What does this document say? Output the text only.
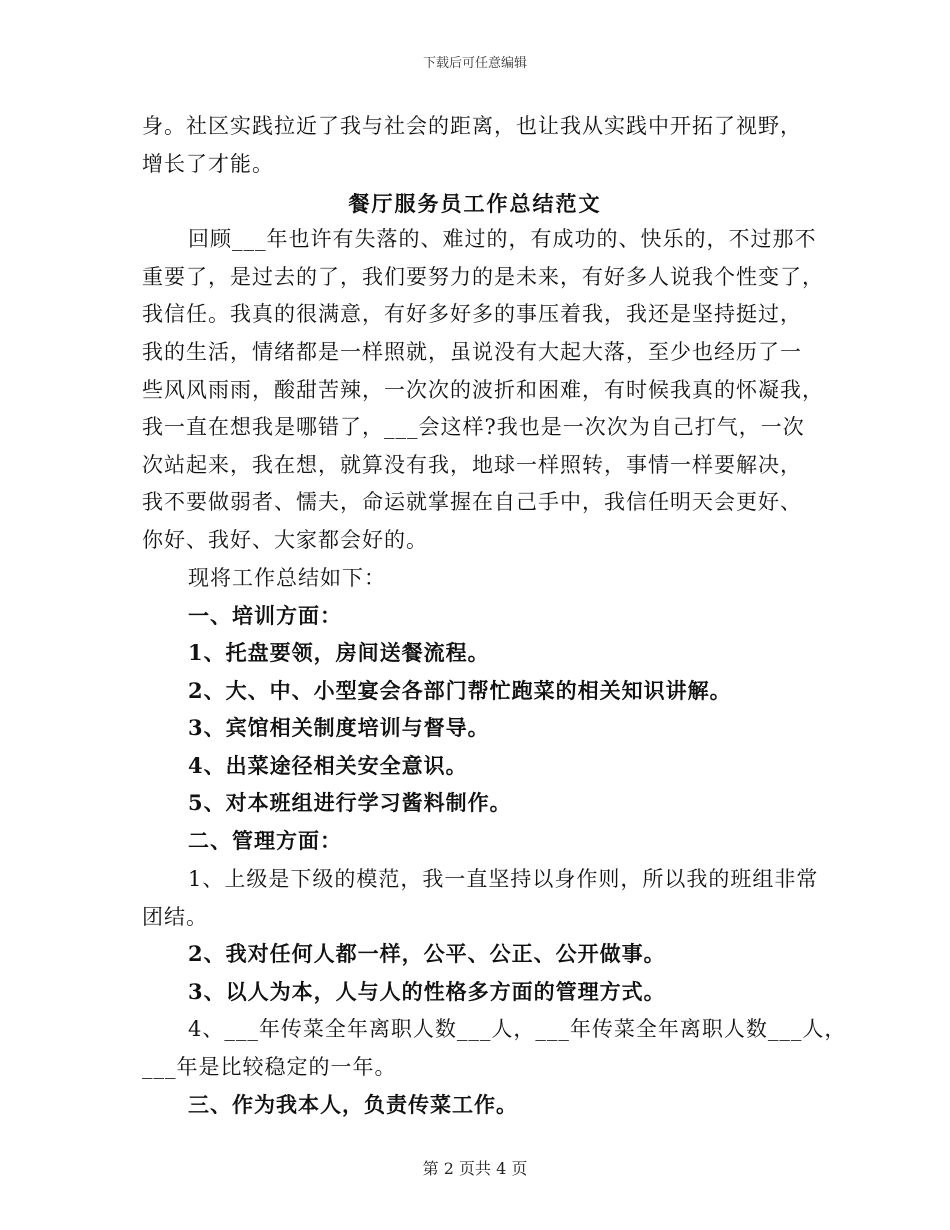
下载后可任意编辑
身。社区实践拉近了我与社会的距离，也让我从实践中开拓了视野，
增长了才能。
餐厅服务员工作总结范文
回顾___年也许有失落的、难过的，有成功的、快乐的，不过那不
重要了，是过去的了，我们要努力的是未来，有好多人说我个性变了，
我信任。我真的很满意，有好多好多的事压着我，我还是坚持挺过，
我的生活，情绪都是一样照就，虽说没有大起大落，至少也经历了一
些风风雨雨，酸甜苦辣，一次次的波折和困难，有时候我真的怀凝我，
我一直在想我是哪错了，___会这样?我也是一次次为自己打气，一次
次站起来，我在想，就算没有我，地球一样照转，事情一样要解决，
我不要做弱者、懦夫，命运就掌握在自己手中，我信任明天会更好、
你好、我好、大家都会好的。
现将工作总结如下：
一、培训方面：
1、托盘要领，房间送餐流程。
2、大、中、小型宴会各部门帮忙跑菜的相关知识讲解。
3、宾馆相关制度培训与督导。
4、出菜途径相关安全意识。
5、对本班组进行学习酱料制作。
二、管理方面：
1、上级是下级的模范，我一直坚持以身作则，所以我的班组非常
团结。
2、我对任何人都一样，公平、公正、公开做事。
3、以人为本，人与人的性格多方面的管理方式。
4、___年传菜全年离职人数___人，___年传菜全年离职人数___人，
___年是比较稳定的一年。
三、作为我本人，负责传菜工作。
第 2 页共 4 页
